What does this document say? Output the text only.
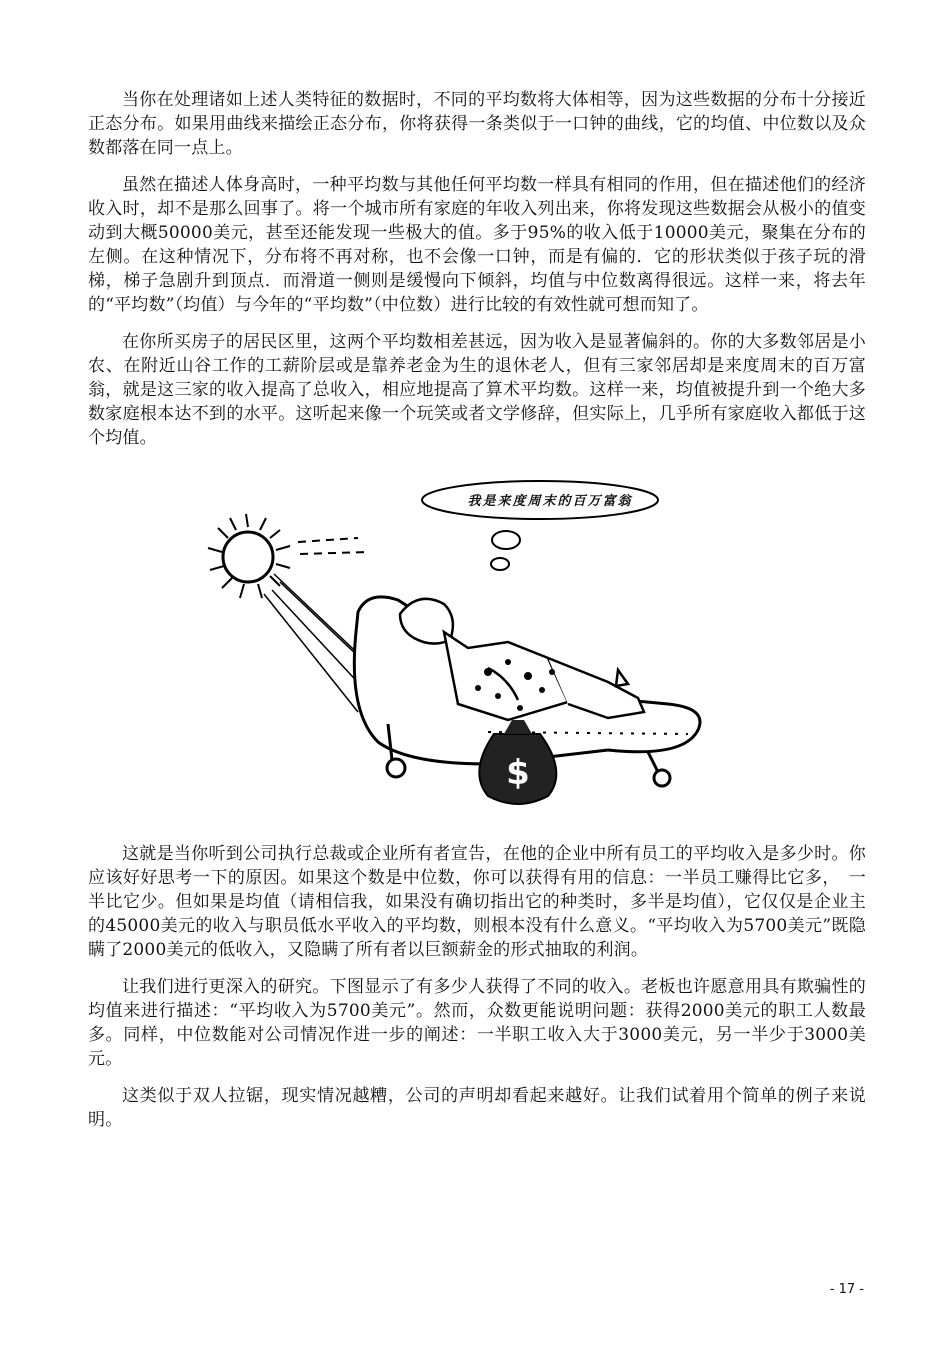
当你在处理诸如上述人类特征的数据时，不同的平均数将大体相等，因为这些数据的分布十分接近正态分布。如果用曲线来描绘正态分布，你将获得一条类似于一口钟的曲线，它的均值、中位数以及众数都落在同一点上。

虽然在描述人体身高时，一种平均数与其他任何平均数一样具有相同的作用，但在描述他们的经济收入时，却不是那么回事了。将一个城市所有家庭的年收入列出来，你将发现这些数据会从极小的值变动到大概50000美元，甚至还能发现一些极大的值。多于95%的收入低于10000美元，聚集在分布的左侧。在这种情况下，分布将不再对称，也不会像一口钟，而是有偏的．它的形状类似于孩子玩的滑梯，梯子急剧升到顶点．而滑道一侧则是缓慢向下倾斜，均值与中位数离得很远。这样一来，将去年的“平均数”（均值）与今年的“平均数”（中位数）进行比较的有效性就可想而知了。

在你所买房子的居民区里，这两个平均数相差甚远，因为收入是显著偏斜的。你的大多数邻居是小农、在附近山谷工作的工薪阶层或是靠养老金为生的退休老人，但有三家邻居却是来度周末的百万富翁，就是这三家的收入提高了总收入，相应地提高了算术平均数。这样一来，均值被提升到一个绝大多数家庭根本达不到的水平。这听起来像一个玩笑或者文学修辞，但实际上，几乎所有家庭收入都低于这个均值。

$
我是来度周末的百万富翁

这就是当你听到公司执行总裁或企业所有者宣告，在他的企业中所有员工的平均收入是多少时。你应该好好思考一下的原因。如果这个数是中位数，你可以获得有用的信息：一半员工赚得比它多，　一半比它少。但如果是均值（请相信我，如果没有确切指出它的种类时，多半是均值），它仅仅是企业主的45000美元的收入与职员低水平收入的平均数，则根本没有什么意义。“平均收入为5700美元”既隐瞒了2000美元的低收入，又隐瞒了所有者以巨额薪金的形式抽取的利润。

让我们进行更深入的研究。下图显示了有多少人获得了不同的收入。老板也许愿意用具有欺骗性的均值来进行描述：“平均收入为5700美元”。然而，众数更能说明问题：获得2000美元的职工人数最多。同样，中位数能对公司情况作进一步的阐述：一半职工收入大于3000美元，另一半少于3000美元。

这类似于双人拉锯，现实情况越糟，公司的声明却看起来越好。让我们试着用个简单的例子来说明。

- 17 -
